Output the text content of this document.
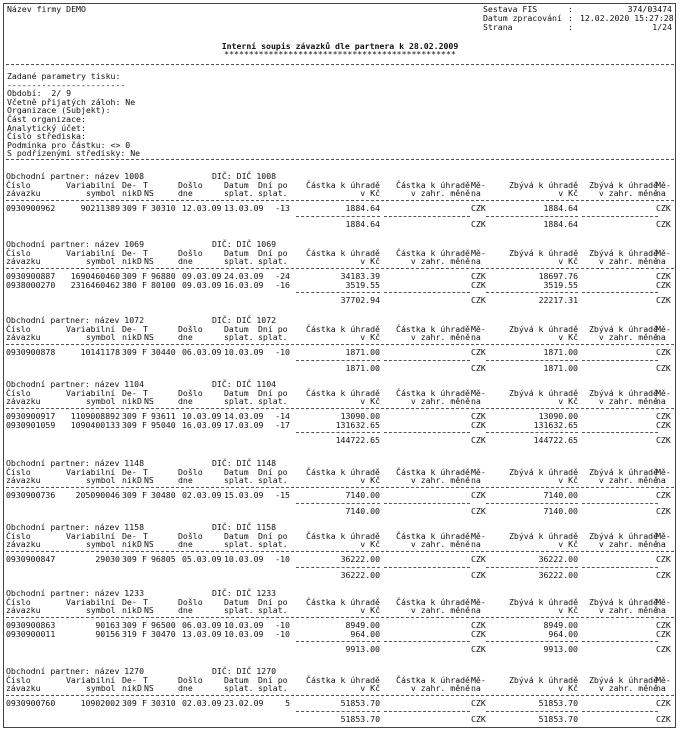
Název firmy DEMO	Sestava FIS	:	374/03474
Datum zpracování : 12.02.2020 15:27:28
Strana	:	1/24
Interní soupis závazků dle partnera k 28.02.2009
***********************************************
Zadané parametry tisku:
------------------------
Období:  2/ 9
Včetně přijatých záloh: Ne
Organizace (Subjekt):
Část organizace:
Analytický účet:
Číslo střediska:
Podmínka pro částku: <> 0
S podřízenými středisky: Ne
Obchodní partner: název 1008	DIČ: DIČ 1008
Číslo	Variabilní De- T	Došlo	Datum Dní po	Částka k úhradě	Částka k úhradě Mě-	Zbývá k úhradě	Zbývá k úhradě
Mě-
závazku	symbol nik D NS	dne	splat. splat.	v Kč	v zahr. měně na	v Kč	v zahr. měně
na
0930900962	90211389 309 F 30310 12.03.09 13.03.09	-13	1884.64	CZK	1884.64	CZK
1884.64	CZK	1884.64	CZK
Obchodní partner: název 1069	DIČ: DIČ 1069
Číslo	Variabilní De- T	Došlo	Datum Dní po	Částka k úhradě	Částka k úhradě Mě-	Zbývá k úhradě	Zbývá k úhradě
Mě-
závazku	symbol nik D NS	dne	splat. splat.	v Kč	v zahr. měně na	v Kč	v zahr. měně
na
0930900887	1690460460 309 F 96880 09.03.09 24.03.09	-24	34183.39	CZK	18697.76	CZK
0938000270	2316460462 380 F 80100 09.03.09 16.03.09	-16	3519.55	CZK	3519.55	CZK
37702.94	CZK	22217.31	CZK
Obchodní partner: název 1072	DIČ: DIČ 1072
Číslo	Variabilní De- T	Došlo	Datum Dní po	Částka k úhradě	Částka k úhradě Mě-	Zbývá k úhradě	Zbývá k úhradě
Mě-
závazku	symbol nik D NS	dne	splat. splat.	v Kč	v zahr. měně na	v Kč	v zahr. měně
na
0930900878	10141178 309 F 30440 06.03.09 10.03.09	-10	1871.00	CZK	1871.00	CZK
1871.00	CZK	1871.00	CZK
Obchodní partner: název 1104	DIČ: DIČ 1104
Číslo	Variabilní De- T	Došlo	Datum Dní po	Částka k úhradě	Částka k úhradě Mě-	Zbývá k úhradě	Zbývá k úhradě
Mě-
závazku	symbol nik D NS	dne	splat. splat.	v Kč	v zahr. měně na	v Kč	v zahr. měně
na
0930900917	1109008892 309 F 93611 10.03.09 14.03.09	-14	13090.00	CZK	13090.00	CZK
0930901059	1090400133 309 F 95040 16.03.09 17.03.09	-17	131632.65	CZK	131632.65	CZK
144722.65	CZK	144722.65	CZK
Obchodní partner: název 1148	DIČ: DIČ 1148
Číslo	Variabilní De- T	Došlo	Datum Dní po	Částka k úhradě	Částka k úhradě Mě-	Zbývá k úhradě	Zbývá k úhradě
Mě-
závazku	symbol nik D NS	dne	splat. splat.	v Kč	v zahr. měně na	v Kč	v zahr. měně
na
0930900736	205090046 309 F 30480 02.03.09 15.03.09	-15	7140.00	CZK	7140.00	CZK
7140.00	CZK	7140.00	CZK
Obchodní partner: název 1158	DIČ: DIČ 1158
Číslo	Variabilní De- T	Došlo	Datum Dní po	Částka k úhradě	Částka k úhradě Mě-	Zbývá k úhradě	Zbývá k úhradě
Mě-
závazku	symbol nik D NS	dne	splat. splat.	v Kč	v zahr. měně na	v Kč	v zahr. měně
na
0930900847	29030 309 F 96805 05.03.09 10.03.09	-10	36222.00	CZK	36222.00	CZK
36222.00	CZK	36222.00	CZK
Obchodní partner: název 1233	DIČ: DIČ 1233
Číslo	Variabilní De- T	Došlo	Datum Dní po	Částka k úhradě	Částka k úhradě Mě-	Zbývá k úhradě	Zbývá k úhradě
Mě-
závazku	symbol nik D NS	dne	splat. splat.	v Kč	v zahr. měně na	v Kč	v zahr. měně
na
0930900863	90163 309 F 96500 06.03.09 10.03.09	-10	8949.00	CZK	8949.00	CZK
0930900011	90156 319 F 30470 13.03.09 10.03.09	-10	964.00	CZK	964.00	CZK
9913.00	CZK	9913.00	CZK
Obchodní partner: název 1270	DIČ: DIČ 1270
Číslo	Variabilní De- T	Došlo	Datum Dní po	Částka k úhradě	Částka k úhradě Mě-	Zbývá k úhradě	Zbývá k úhradě
Mě-
závazku	symbol nik D NS	dne	splat. splat.	v Kč	v zahr. měně na	v Kč	v zahr. měně
na
0930900760	10902002 309 F 30310 02.03.09 23.02.09	5	51853.70	CZK	51853.70	CZK
51853.70	CZK	51853.70	CZK
